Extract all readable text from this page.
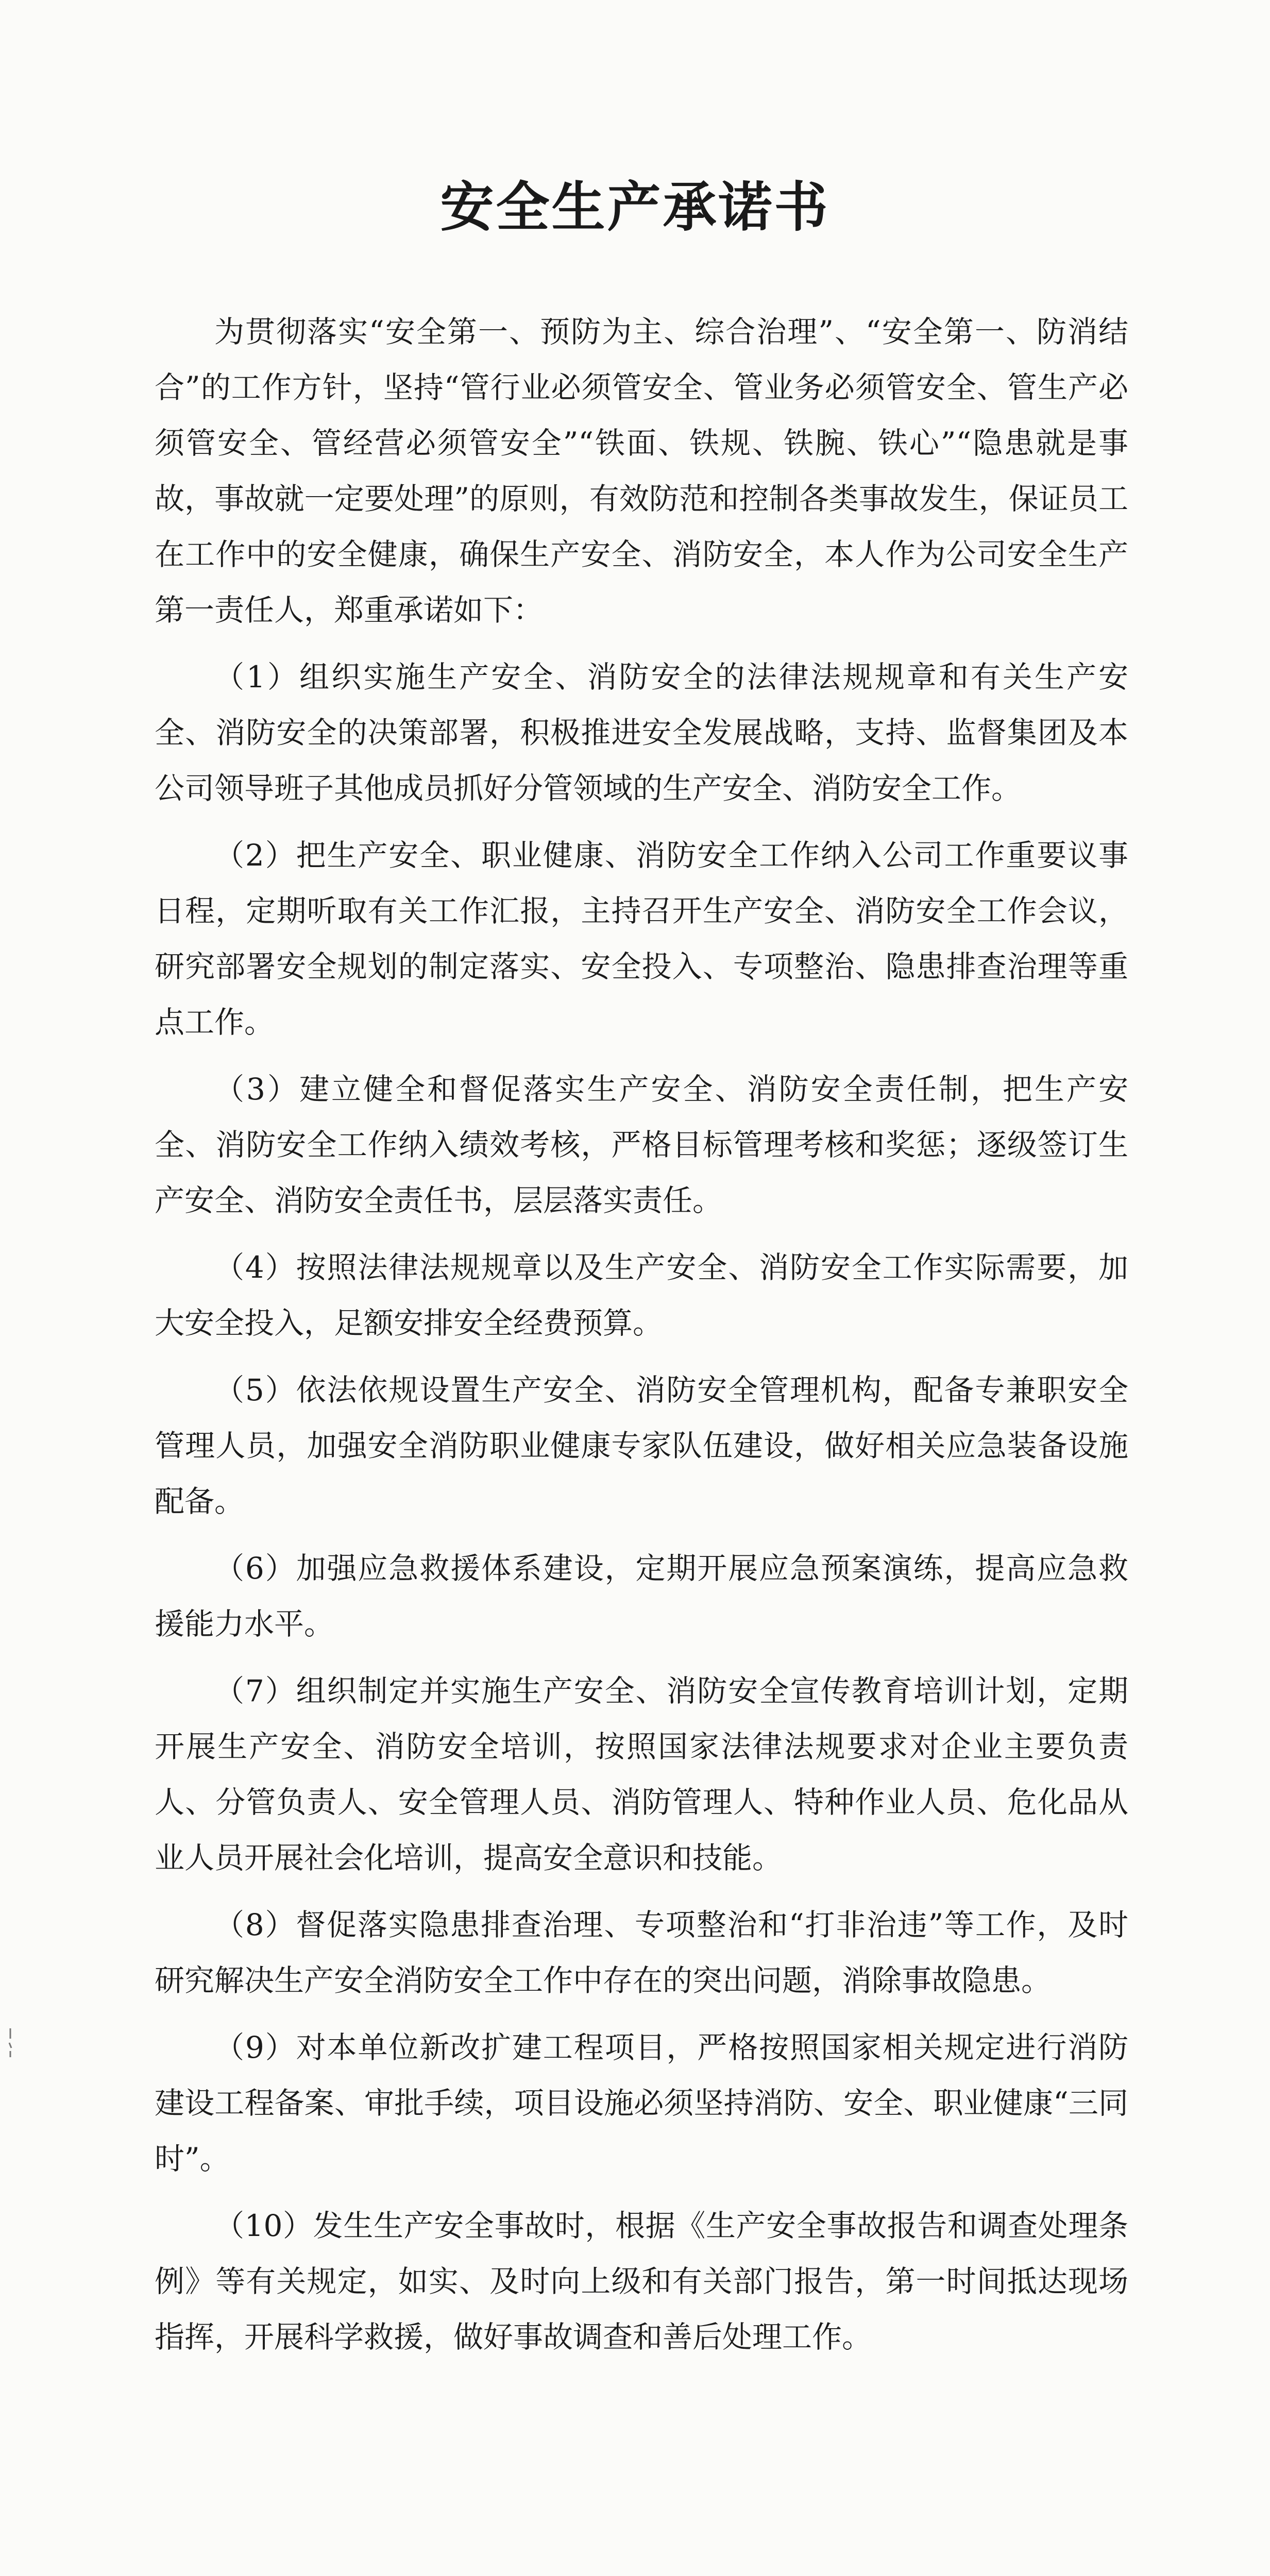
安全生产承诺书

为贯彻落实“安全第一、预防为主、综合治理”、“安全第一、防消结合”的工作方针，坚持“管行业必须管安全、管业务必须管安全、管生产必须管安全、管经营必须管安全”“铁面、铁规、铁腕、铁心”“隐患就是事故，事故就一定要处理”的原则，有效防范和控制各类事故发生，保证员工在工作中的安全健康，确保生产安全、消防安全，本人作为公司安全生产第一责任人，郑重承诺如下：

（1）组织实施生产安全、消防安全的法律法规规章和有关生产安全、消防安全的决策部署，积极推进安全发展战略，支持、监督集团及本公司领导班子其他成员抓好分管领域的生产安全、消防安全工作。

（2）把生产安全、职业健康、消防安全工作纳入公司工作重要议事日程，定期听取有关工作汇报，主持召开生产安全、消防安全工作会议，研究部署安全规划的制定落实、安全投入、专项整治、隐患排查治理等重点工作。

（3）建立健全和督促落实生产安全、消防安全责任制，把生产安全、消防安全工作纳入绩效考核，严格目标管理考核和奖惩；逐级签订生产安全、消防安全责任书，层层落实责任。

（4）按照法律法规规章以及生产安全、消防安全工作实际需要，加大安全投入，足额安排安全经费预算。

（5）依法依规设置生产安全、消防安全管理机构，配备专兼职安全管理人员，加强安全消防职业健康专家队伍建设，做好相关应急装备设施配备。

（6）加强应急救援体系建设，定期开展应急预案演练，提高应急救援能力水平。

（7）组织制定并实施生产安全、消防安全宣传教育培训计划，定期开展生产安全、消防安全培训，按照国家法律法规要求对企业主要负责人、分管负责人、安全管理人员、消防管理人、特种作业人员、危化品从业人员开展社会化培训，提高安全意识和技能。

（8）督促落实隐患排查治理、专项整治和“打非治违”等工作，及时研究解决生产安全消防安全工作中存在的突出问题，消除事故隐患。

（9）对本单位新改扩建工程项目，严格按照国家相关规定进行消防建设工程备案、审批手续，项目设施必须坚持消防、安全、职业健康“三同时”。

（10）发生生产安全事故时，根据《生产安全事故报告和调查处理条例》等有关规定，如实、及时向上级和有关部门报告，第一时间抵达现场指挥，开展科学救援，做好事故调查和善后处理工作。
